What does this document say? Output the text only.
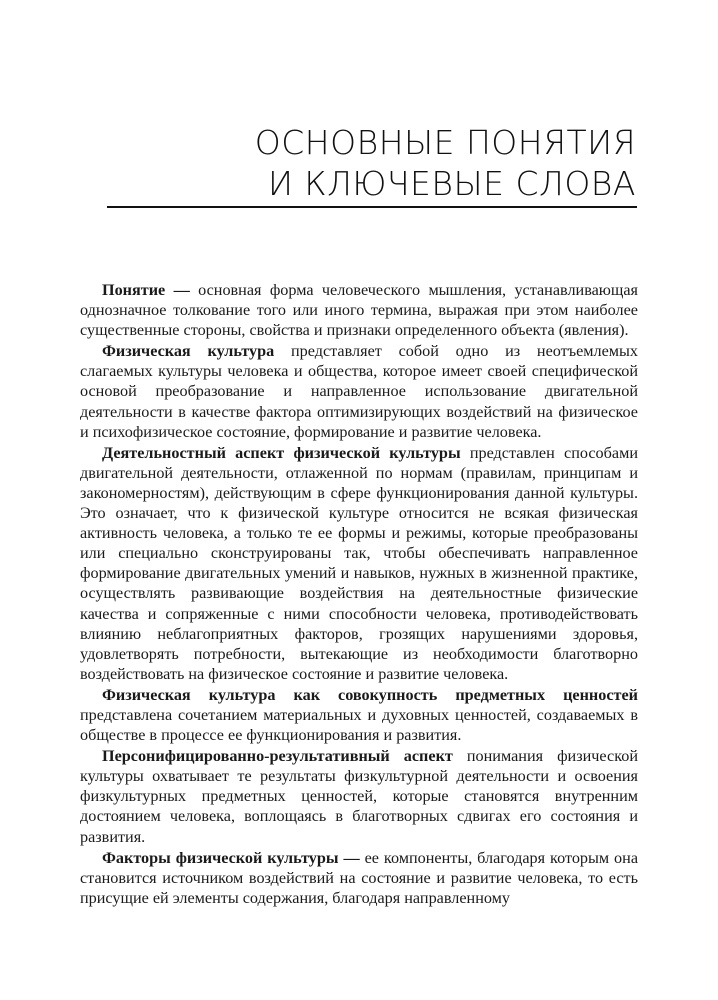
ОСНОВНЫЕ ПОНЯТИЯ
И КЛЮЧЕВЫЕ СЛОВА

Понятие — основная форма человеческого мышления, устанавливающая однозначное толкование того или иного термина, выражая при этом наиболее существенные стороны, свойства и признаки определенного объекта (явления).

Физическая культура представляет собой одно из неотъемлемых слагаемых культуры человека и общества, которое имеет своей специфической основой преобразование и направленное использование двигательной деятельности в качестве фактора оптимизирующих воздействий на физическое и психофизическое состояние, формирование и развитие человека.

Деятельностный аспект физической культуры представлен способами двигательной деятельности, отлаженной по нормам (правилам, принципам и закономерностям), действующим в сфере функционирования данной культуры. Это означает, что к физической культуре относится не всякая физическая активность человека, а только те ее формы и режимы, которые преобразованы или специально сконструированы так, чтобы обеспечивать направленное формирование двигательных умений и навыков, нужных в жизненной практике, осуществлять развивающие воздействия на деятельностные физические качества и сопряженные с ними способности человека, противодействовать влиянию неблагоприятных факторов, грозящих нарушениями здоровья, удовлетворять потребности, вытекающие из необходимости благотворно воздействовать на физическое состояние и развитие человека.

Физическая культура как совокупность предметных ценностей представлена сочетанием материальных и духовных ценностей, создаваемых в обществе в процессе ее функционирования и развития.

Персонифицированно-результативный аспект понимания физической культуры охватывает те результаты физкультурной деятельности и освоения физкультурных предметных ценностей, которые становятся внутренним достоянием человека, воплощаясь в благотворных сдвигах его состояния и развития.

Факторы физической культуры — ее компоненты, благодаря которым она становится источником воздействий на состояние и развитие человека, то есть присущие ей элементы содержания, благодаря направленному
